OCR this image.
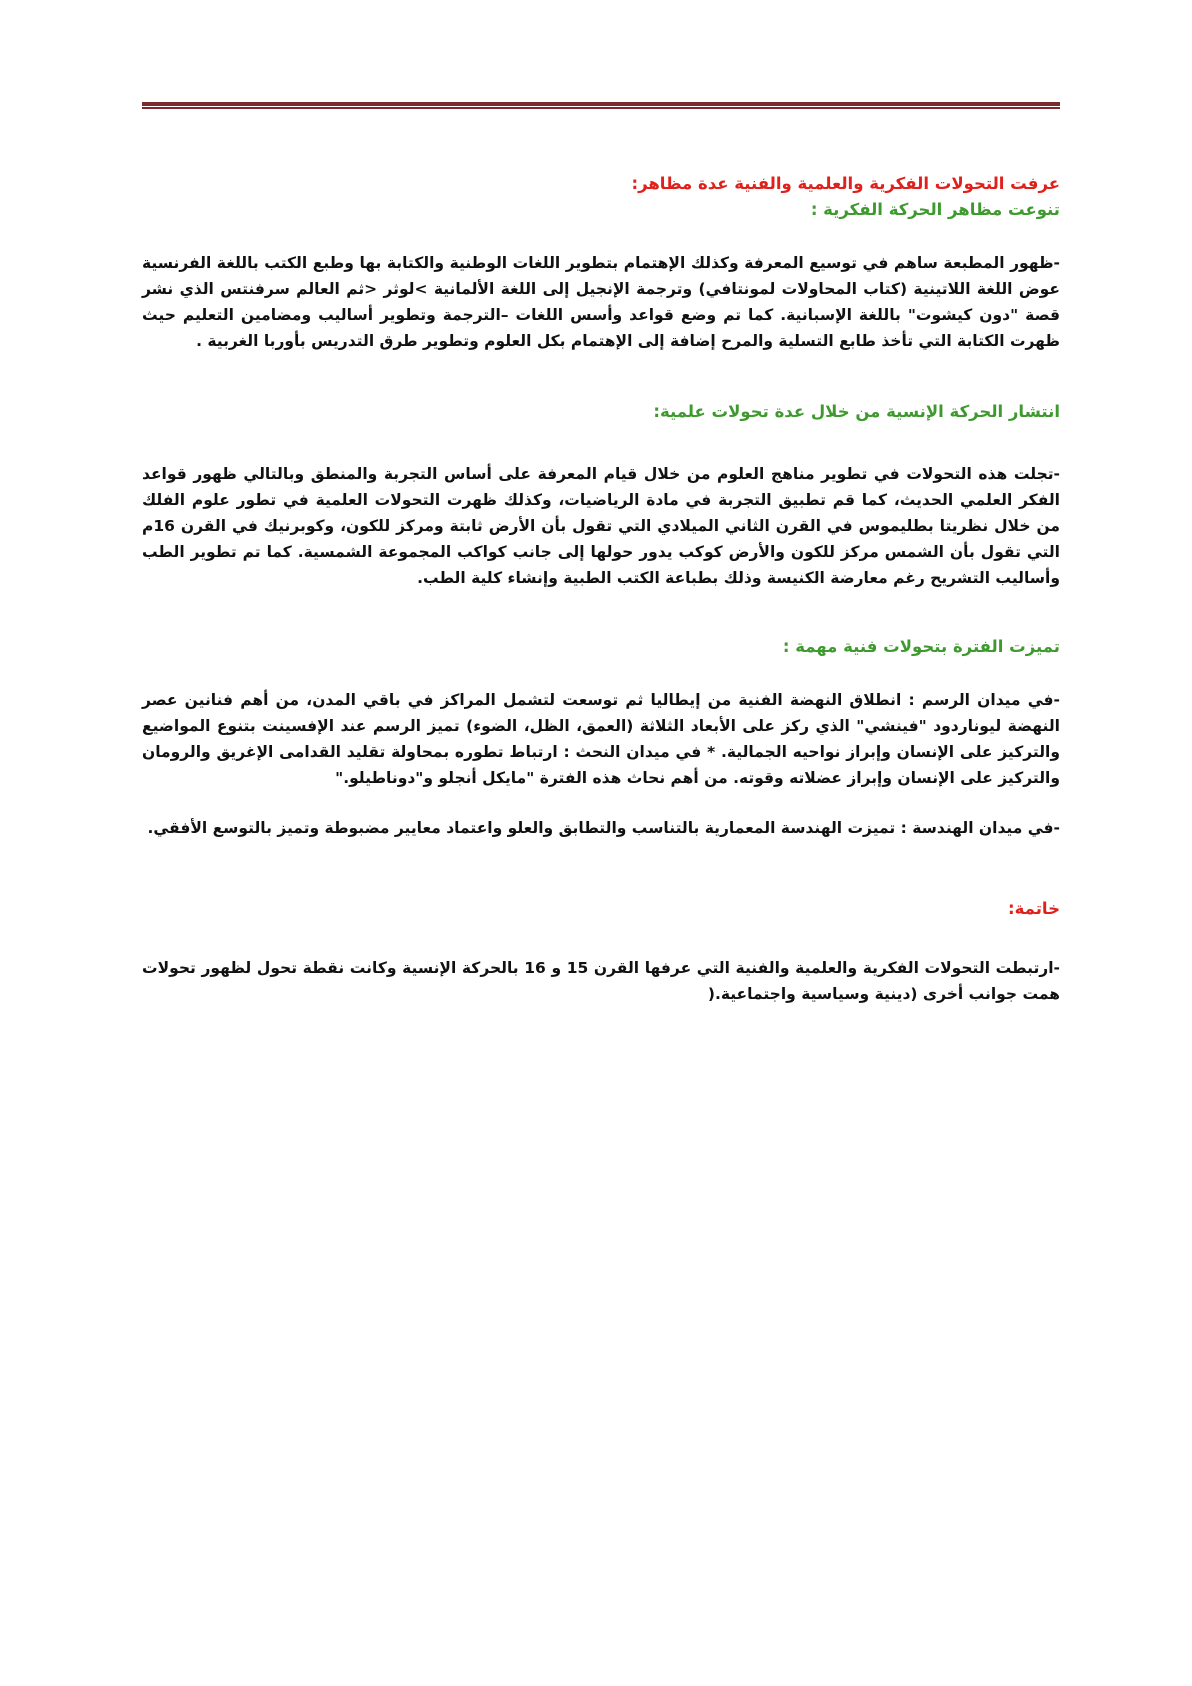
عرفت التحولات الفكرية والعلمية والفنية عدة مظاهر:
تنوعت مظاهر الحركة الفكرية :
-ظهور المطبعة ساهم في توسيع المعرفة وكذلك الإهتمام بتطوير اللغات الوطنية والكتابة بها وطبع الكتب باللغة الفرنسية عوض اللغة اللاتينية (كتاب المحاولات لمونتافي) وترجمة الإنجيل إلى اللغة الألمانية >لوثر <ثم العالم سرفنتس الذي نشر قصة "دون كيشوت" باللغة الإسبانية. كما تم وضع قواعد وأسس اللغات –الترجمة وتطوير أساليب ومضامين التعليم حيث ظهرت الكتابة التي تأخذ طابع التسلية والمرح إضافة إلى الإهتمام بكل العلوم وتطوير طرق التدريس بأوربا الغربية .
انتشار الحركة الإنسية من خلال عدة تحولات علمية:
-تجلت هذه التحولات في تطوير مناهج العلوم من خلال قيام المعرفة على أساس التجربة والمنطق وبالتالي ظهور قواعد الفكر العلمي الحديث، كما قم تطبيق التجربة في مادة الرياضيات، وكذلك ظهرت التحولات العلمية في تطور علوم الفلك من خلال نظريتا بطليموس في القرن الثاني الميلادي التي تقول بأن الأرض ثابتة ومركز للكون، وكوبرنيك في القرن 16م التي تقول بأن الشمس مركز للكون والأرض كوكب يدور حولها إلى جانب كواكب المجموعة الشمسية. كما تم تطوير الطب وأساليب التشريح رغم معارضة الكنيسة وذلك بطباعة الكتب الطبية وإنشاء كلية الطب.
تميزت الفترة بتحولات فنية مهمة :
-في ميدان الرسم : انطلاق النهضة الفنية من إيطاليا ثم توسعت لتشمل المراكز في باقي المدن، من أهم فنانين عصر النهضة ليوناردود "فينشي" الذي ركز على الأبعاد الثلاثة (العمق، الظل، الضوء) تميز الرسم عند الإفسينت بتنوع المواضيع والتركيز على الإنسان وإبراز نواحيه الجمالية. * في ميدان النحث : ارتباط تطوره بمحاولة تقليد القدامى الإغريق والرومان والتركيز على الإنسان وإبراز عضلاته وقوته. من أهم نحاث هذه الفترة "مايكل أنجلو و"دوناطيلو."
-في ميدان الهندسة : تميزت الهندسة المعمارية بالتناسب والتطابق والعلو واعتماد معايير مضبوطة وتميز بالتوسع الأفقي.
خاتمة:
-ارتبطت التحولات الفكرية والعلمية والفنية التي عرفها القرن 15 و 16 بالحركة الإنسية وكانت نقطة تحول لظهور تحولات همت جوانب أخرى (دينية وسياسية واجتماعية.(
